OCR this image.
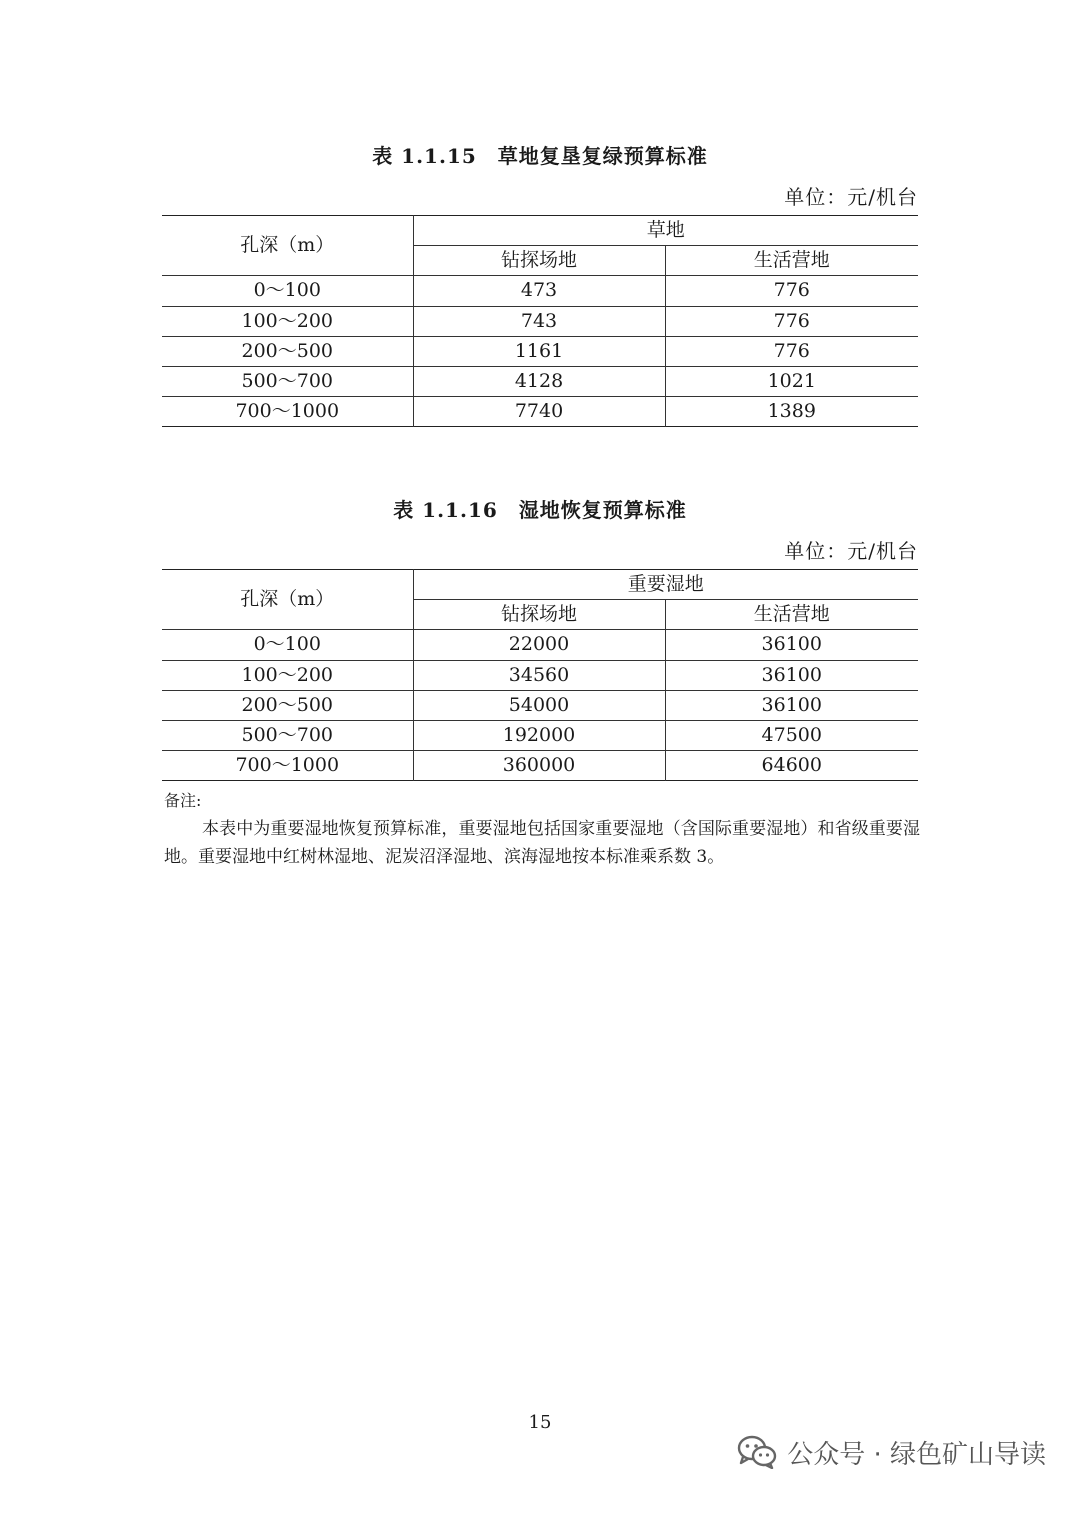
表 1.1.15　草地复垦复绿预算标准
单位：元/机台
孔深（m）	草地	
	钻探场地	生活营地
0～100	473	776
100～200	743	776
200～500	1161	776
500～700	4128	1021
700～1000	7740	1389
表 1.1.16　湿地恢复预算标准
单位：元/机台
孔深（m）	重要湿地	
	钻探场地	生活营地
0～100	22000	36100
100～200	34560	36100
200～500	54000	36100
500～700	192000	47500
700～1000	360000	64600
备注:
本表中为重要湿地恢复预算标准，重要湿地包括国家重要湿地（含国际重要湿地）和省级重要湿地。重要湿地中红树林湿地、泥炭沼泽湿地、滨海湿地按本标准乘系数 3。
15
公众号 · 绿色矿山导读
